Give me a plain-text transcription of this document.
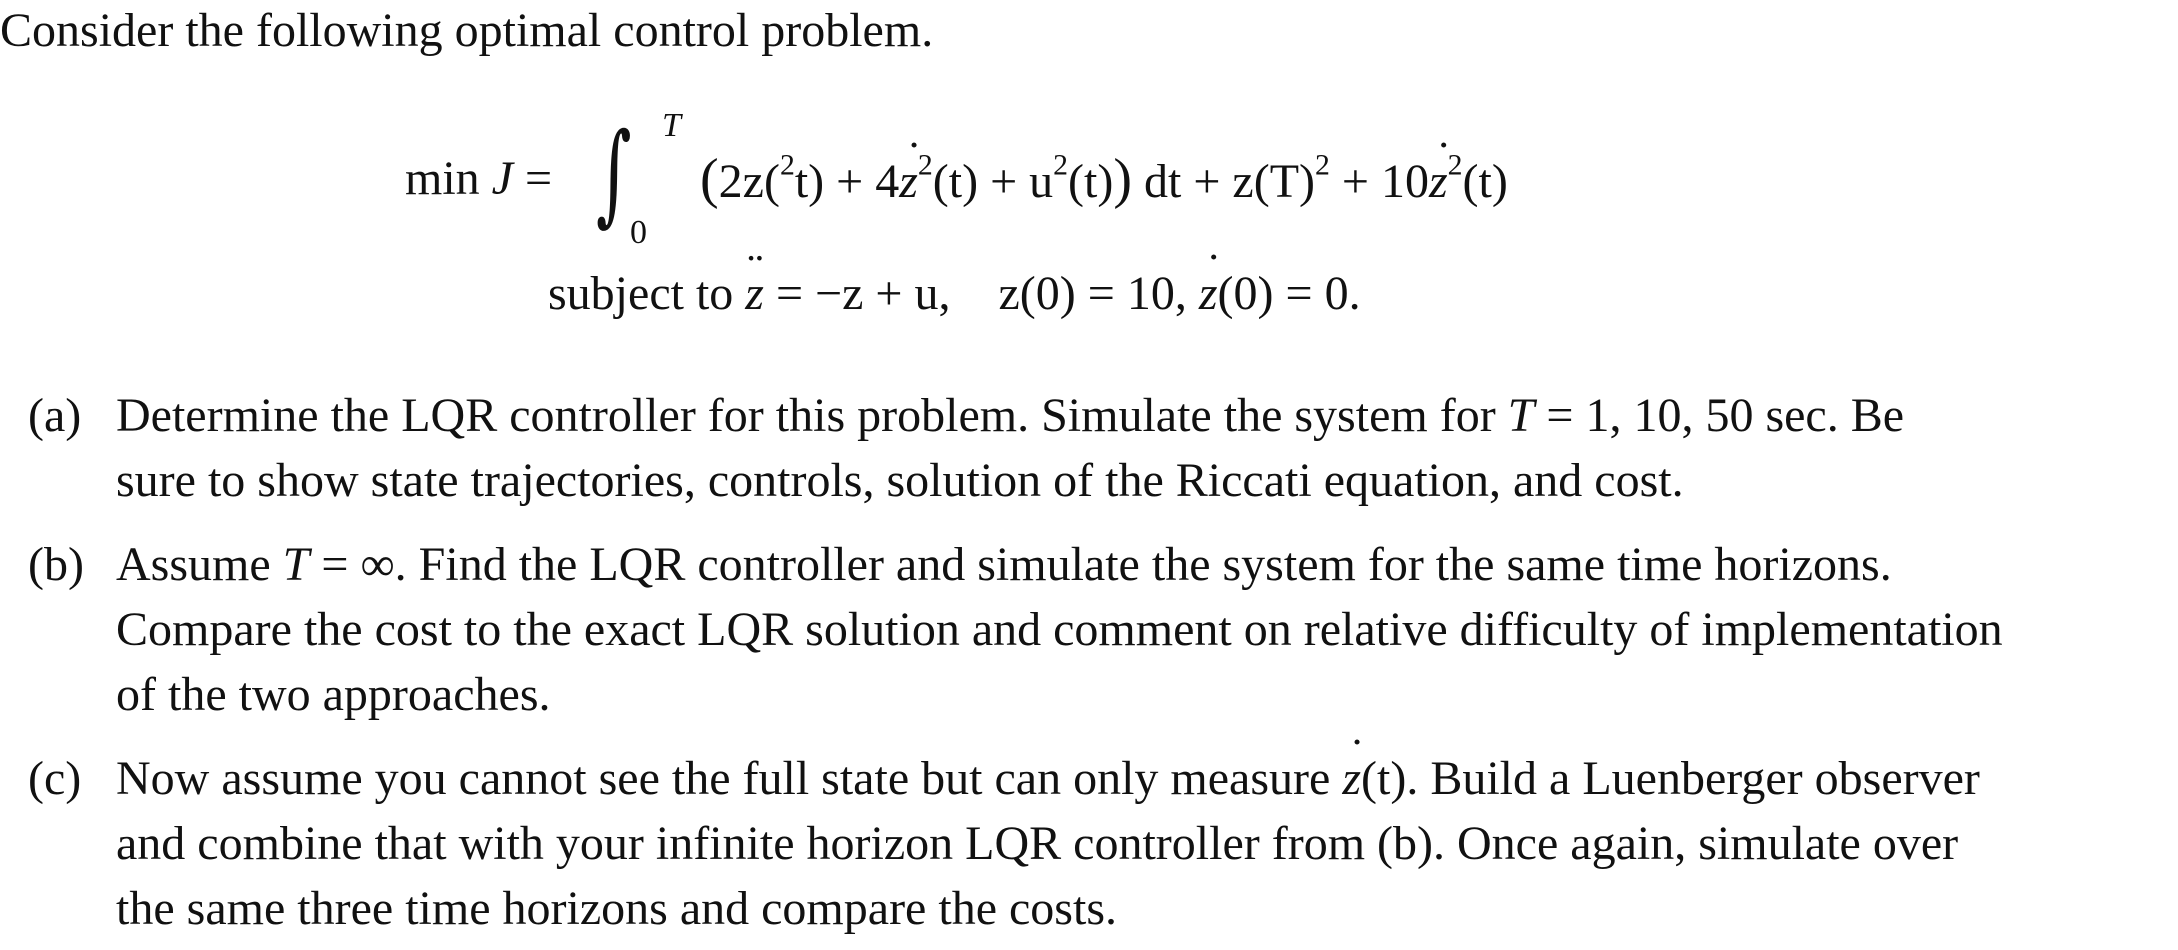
Consider the following optimal control problem.
min J = ∫ T
0
(2z($^2$t) + 4˙ $z^2(t) + u^2(t)$) dt + $z(T)^2$ + 10˙ $z^2(t)$
subject to ¨ z = −z + u, z(0) = 10, ˙ z(0) = 0.
(a) Determine the LQR controller for this problem. Simulate the system for T = 1, 10, 50 sec. Be
sure to show state trajectories, controls, solution of the Riccati equation, and cost.
(b) Assume T = ∞. Find the LQR controller and simulate the system for the same time horizons.
Compare the cost to the exact LQR solution and comment on relative difficulty of implementation
of the two approaches.
(c) Now assume you cannot see the full state but can only measure ˙ z(t). Build a Luenberger observer
and combine that with your infinite horizon LQR controller from (b). Once again, simulate over
the same three time horizons and compare the costs.
